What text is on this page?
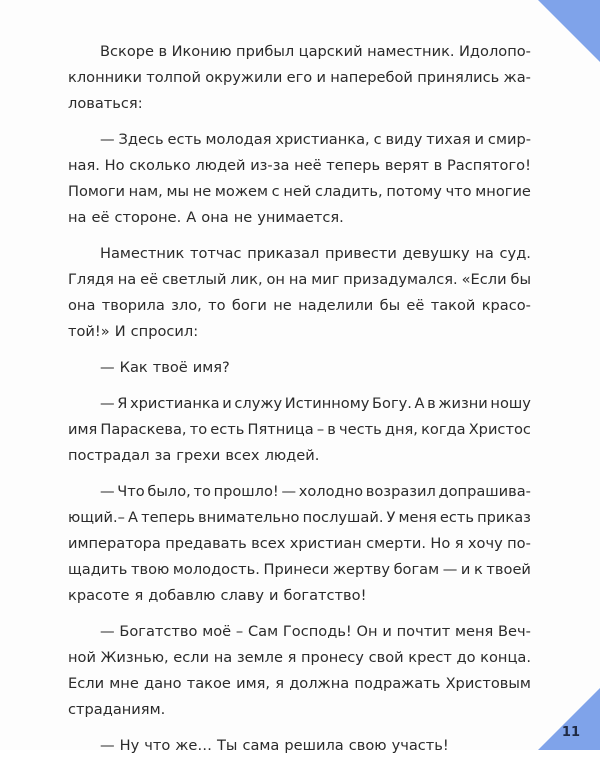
Вскоре в Иконию прибыл царский наместник. Идолопо-
клонники толпой окружили его и наперебой принялись жа-
ловаться:
— Здесь есть молодая христианка, с виду тихая и смир-
ная. Но сколько людей из-за неё теперь верят в Распятого!
Помоги нам, мы не можем с ней сладить, потому что многие
на её стороне. А она не унимается.
Наместник тотчас приказал привести девушку на суд.
Глядя на её светлый лик, он на миг призадумался. «Если бы
она творила зло, то боги не наделили бы её такой красо-
той!» И спросил:
— Как твоё имя?
— Я христианка и служу Истинному Богу. А в жизни ношу
имя Параскева, то есть Пятница – в честь дня, когда Христос
пострадал за грехи всех людей.
— Что было, то прошло! — холодно возразил допрашива-
ющий.– А теперь внимательно послушай. У меня есть приказ
императора предавать всех христиан смерти. Но я хочу по-
щадить твою молодость. Принеси жертву богам — и к твоей
красоте я добавлю славу и богатство!
— Богатство моё – Сам Господь! Он и почтит меня Веч-
ной Жизнью, если на земле я пронесу свой крест до конца.
Если мне дано такое имя, я должна подражать Христовым
страданиям.
— Ну что же… Ты сама решила свою участь!
11
